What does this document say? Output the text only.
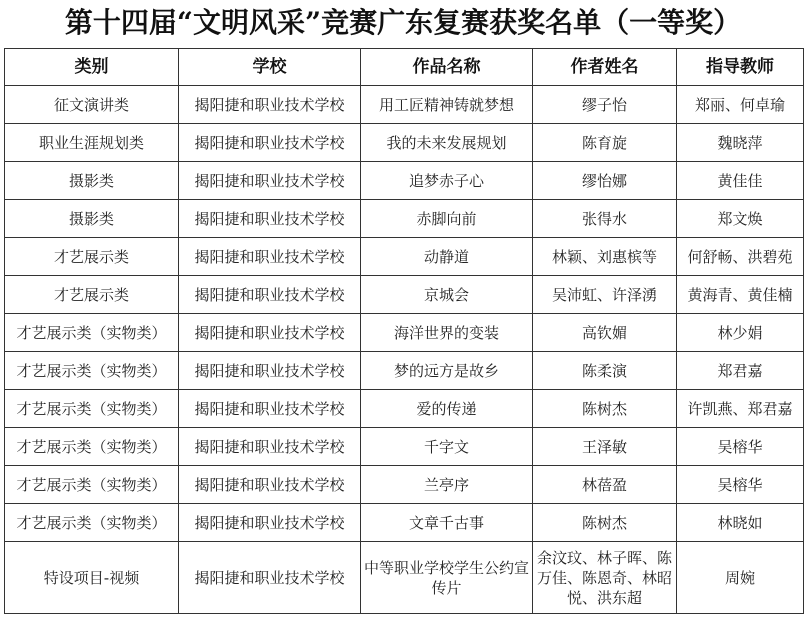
第十四届“文明风采”竞赛广东复赛获奖名单（一等奖）
类别	学校	作品名称	作者姓名	指导教师
征文演讲类	揭阳捷和职业技术学校	用工匠精神铸就梦想	缪子怡	郑丽、何卓瑜
职业生涯规划类	揭阳捷和职业技术学校	我的未来发展规划	陈育旋	魏晓萍
摄影类	揭阳捷和职业技术学校	追梦赤子心	缪怡娜	黄佳佳
摄影类	揭阳捷和职业技术学校	赤脚向前	张得水	郑文焕
才艺展示类	揭阳捷和职业技术学校	动静道	林颖、刘惠槟等	何舒畅、洪碧苑
才艺展示类	揭阳捷和职业技术学校	京城会	吴沛虹、许泽湧	黄海青、黄佳楠
才艺展示类（实物类）	揭阳捷和职业技术学校	海洋世界的变装	高钦媚	林少娟
才艺展示类（实物类）	揭阳捷和职业技术学校	梦的远方是故乡	陈柔演	郑君嘉
才艺展示类（实物类）	揭阳捷和职业技术学校	爱的传递	陈树杰	许凯燕、郑君嘉
才艺展示类（实物类）	揭阳捷和职业技术学校	千字文	王泽敏	吴榕华
才艺展示类（实物类）	揭阳捷和职业技术学校	兰亭序	林蓓盈	吴榕华
才艺展示类（实物类）	揭阳捷和职业技术学校	文章千古事	陈树杰	林晓如
特设项目-视频	揭阳捷和职业技术学校	中等职业学校学生公约宣传片	余汶玟、林子晖、陈万佳、陈恩奇、林昭悦、洪东超	周婉
